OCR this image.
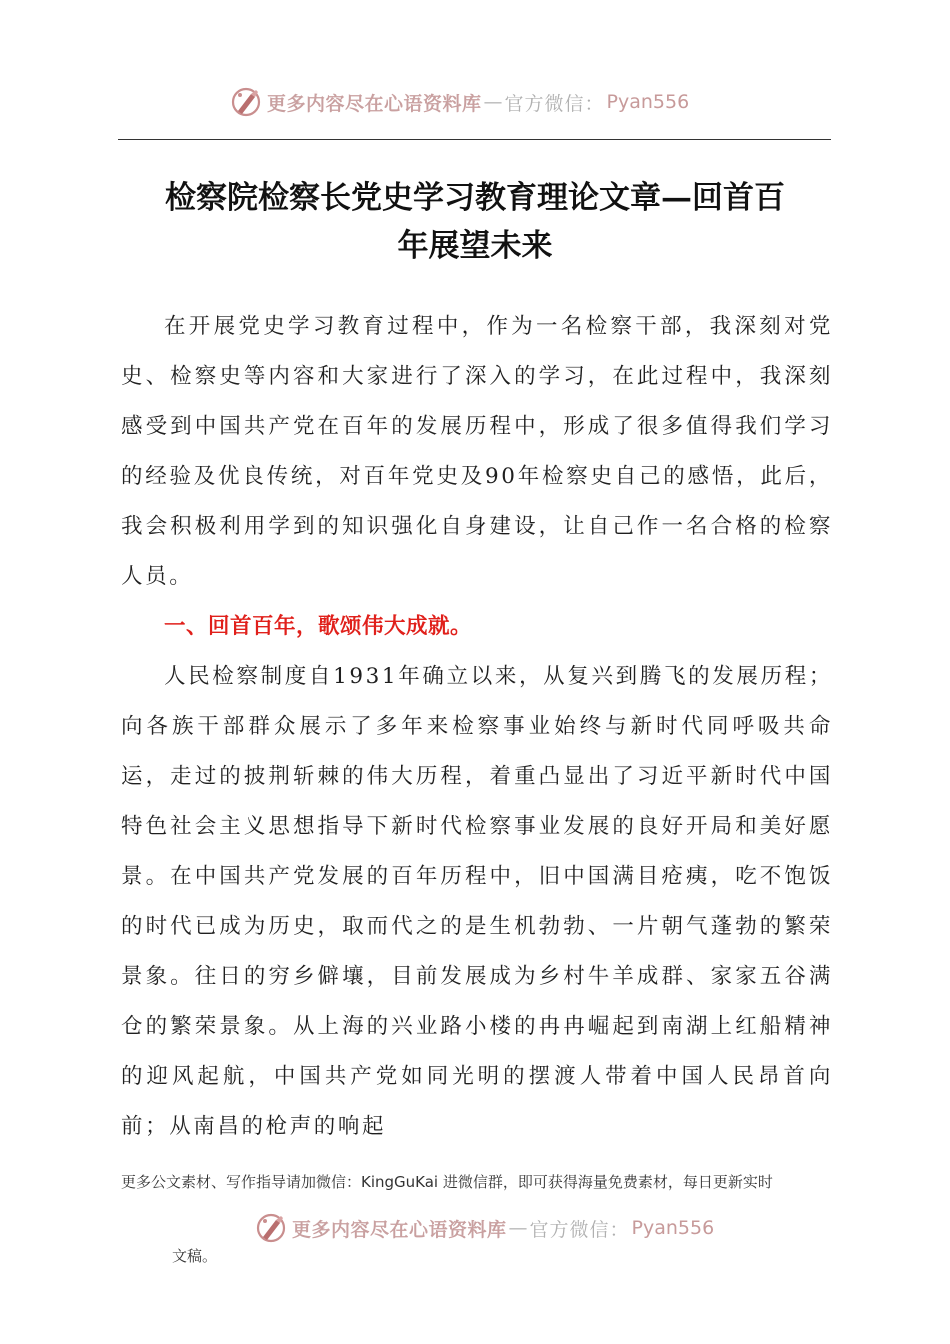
更多内容尽在心语资料库 — 官方微信： Pyan556
检察院检察长党史学习教育理论文章—回首百
年展望未来

在开展党史学习教育过程中，作为一名检察干部，我深刻对党史、检察史等内容和大家进行了深入的学习，在此过程中，我深刻感受到中国共产党在百年的发展历程中，形成了很多值得我们学习的经验及优良传统，对百年党史及90年检察史自己的感悟，此后，我会积极利用学到的知识强化自身建设，让自己作一名合格的检察人员。

一、回首百年，歌颂伟大成就。

人民检察制度自1931年确立以来，从复兴到腾飞的发展历程；向各族干部群众展示了多年来检察事业始终与新时代同呼吸共命运，走过的披荆斩棘的伟大历程，着重凸显出了习近平新时代中国特色社会主义思想指导下新时代检察事业发展的良好开局和美好愿景。在中国共产党发展的百年历程中，旧中国满目疮痍，吃不饱饭的时代已成为历史，取而代之的是生机勃勃、一片朝气蓬勃的繁荣景象。往日的穷乡僻壤，目前发展成为乡村牛羊成群、家家五谷满仓的繁荣景象。从上海的兴业路小楼的冉冉崛起到南湖上红船精神的迎风起航，中国共产党如同光明的摆渡人带着中国人民昂首向前；从南昌的枪声的响起

更多公文素材、写作指导请加微信：KingGuKai 进微信群，即可获得海量免费素材，每日更新实时
更多内容尽在心语资料库 — 官方微信： Pyan556
文稿。
